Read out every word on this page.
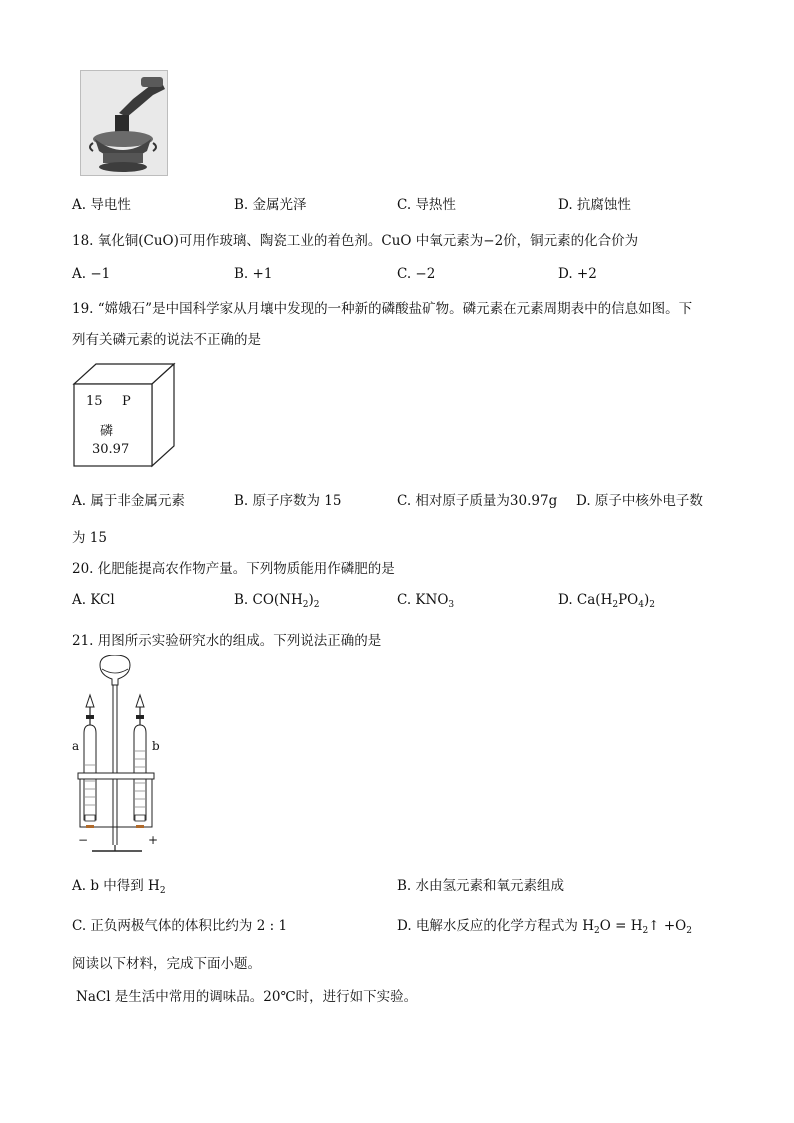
A. 导电性	B. 金属光泽	C. 导热性	D. 抗腐蚀性
18. 氧化铜(CuO)可用作玻璃、陶瓷工业的着色剂。CuO 中氧元素为−2价，铜元素的化合价为
A. −1	B. +1	C. −2	D. +2
19. “嫦娥石”是中国科学家从月壤中发现的一种新的磷酸盐矿物。磷元素在元素周期表中的信息如图。下
列有关磷元素的说法不正确的是
15 P
磷
30.97
A. 属于非金属元素	B. 原子序数为 15	C. 相对原子质量为30.97g D. 原子中核外电子数
为 15
20. 化肥能提高农作物产量。下列物质能用作磷肥的是
A. KCl	B. $CO(NH_2)_2$	C. $KNO_3$	D. $Ca(H_2PO_4)_2$
21. 用图所示实验研究水的组成。下列说法正确的是
a	b
−	+
A. b 中得到 $H_2$	B. 水由氢元素和氧元素组成
C. 正负两极气体的体积比约为 2 : 1	D. 电解水反应的化学方程式为 $H_2O$ = $H_2↑ +O_2$
阅读以下材料，完成下面小题。
NaCl 是生活中常用的调味品。20℃时，进行如下实验。
